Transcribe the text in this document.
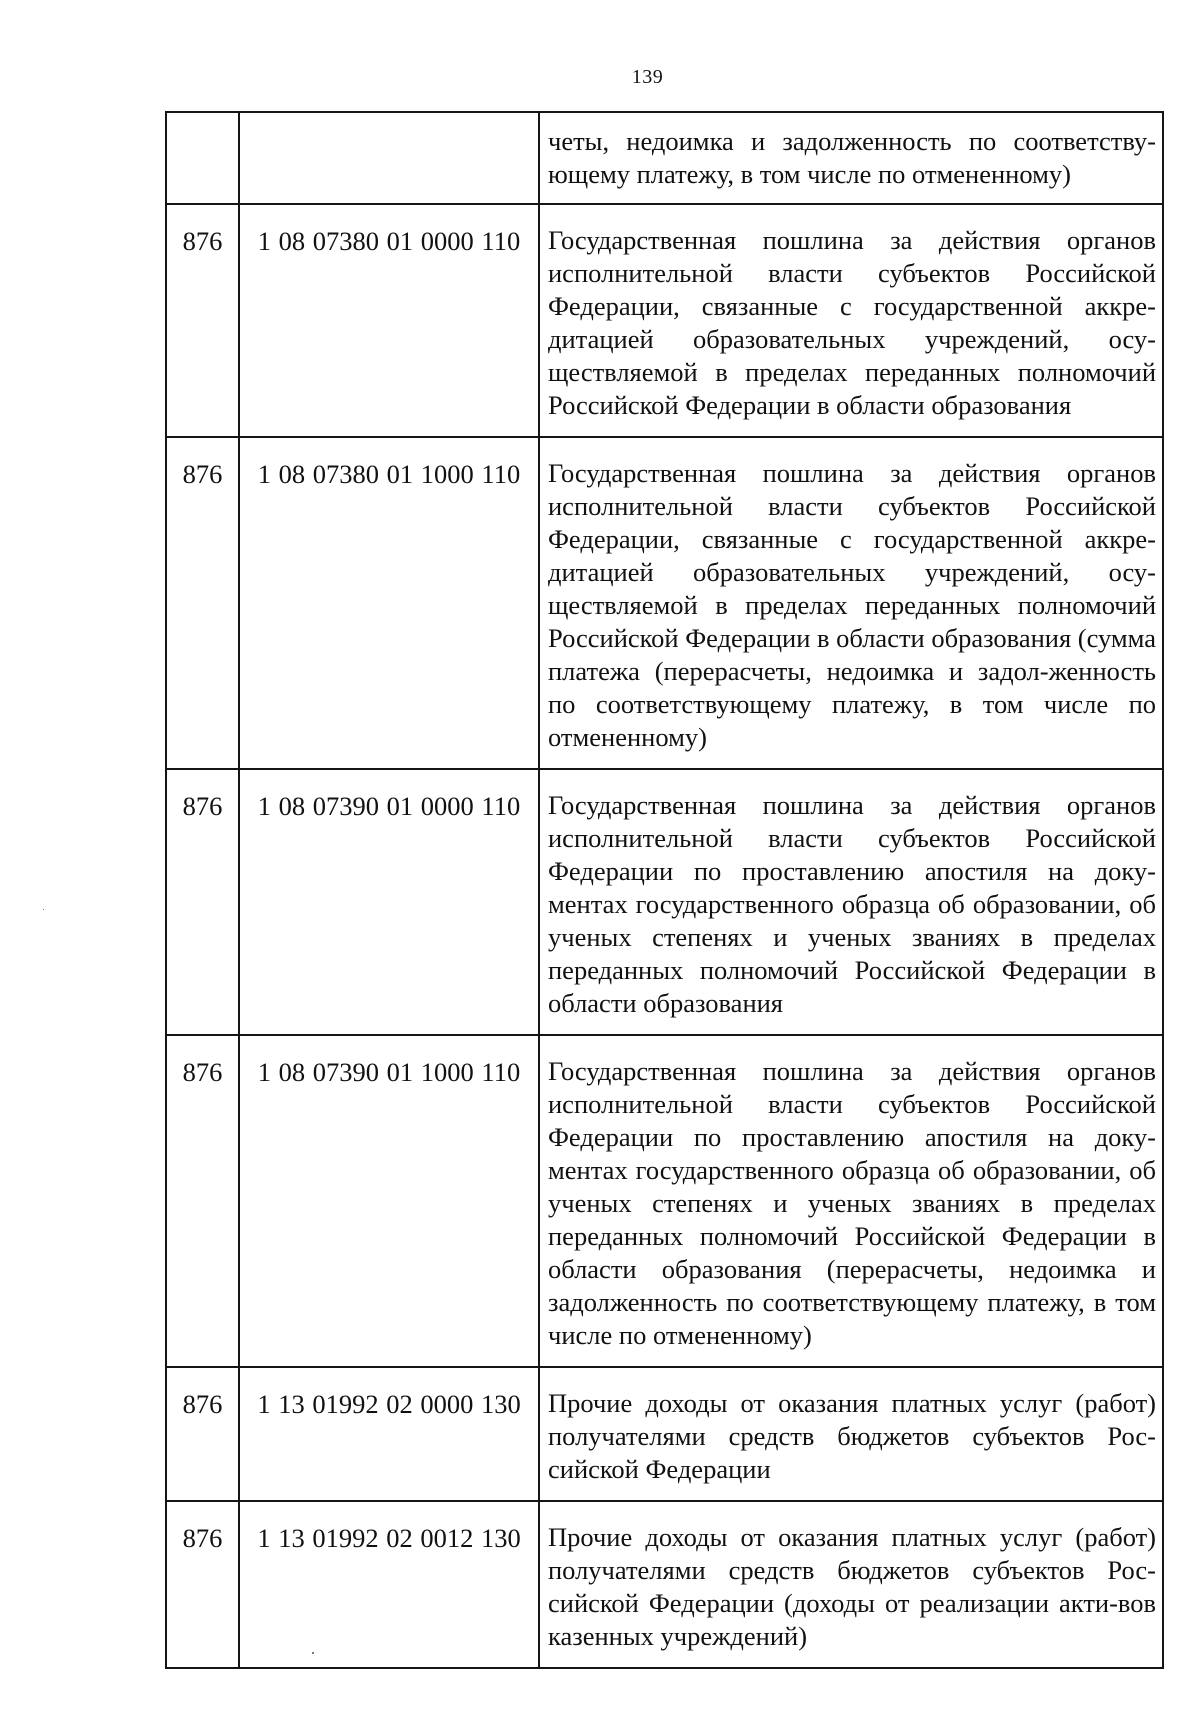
139
		четы, недоимка и задолженность по соответству-ющему платежу, в том числе по отмененному)
876	1 08 07380 01 0000 110	Государственная пошлина за действия органов исполнительной власти субъектов Российской Федерации, связанные с государственной аккре-дитацией образовательных учреждений, осу-ществляемой в пределах переданных полномочий Российской Федерации в области образования
876	1 08 07380 01 1000 110	Государственная пошлина за действия органов исполнительной власти субъектов Российской Федерации, связанные с государственной аккре-дитацией образовательных учреждений, осу-ществляемой в пределах переданных полномочий Российской Федерации в области образования (сумма платежа (перерасчеты, недоимка и задол-женность по соответствующему платежу, в том числе по отмененному)
876	1 08 07390 01 0000 110	Государственная пошлина за действия органов исполнительной власти субъектов Российской Федерации по проставлению апостиля на доку-ментах государственного образца об образовании, об ученых степенях и ученых званиях в пределах переданных полномочий Российской Федерации в области образования
876	1 08 07390 01 1000 110	Государственная пошлина за действия органов исполнительной власти субъектов Российской Федерации по проставлению апостиля на доку-ментах государственного образца об образовании, об ученых степенях и ученых званиях в пределах переданных полномочий Российской Федерации в области образования (перерасчеты, недоимка и задолженность по соответствующему платежу, в том числе по отмененному)
876	1 13 01992 02 0000 130	Прочие доходы от оказания платных услуг (работ) получателями средств бюджетов субъектов Рос-сийской Федерации
876	1 13 01992 02 0012 130	Прочие доходы от оказания платных услуг (работ) получателями средств бюджетов субъектов Рос-сийской Федерации (доходы от реализации акти-вов казенных учреждений)
